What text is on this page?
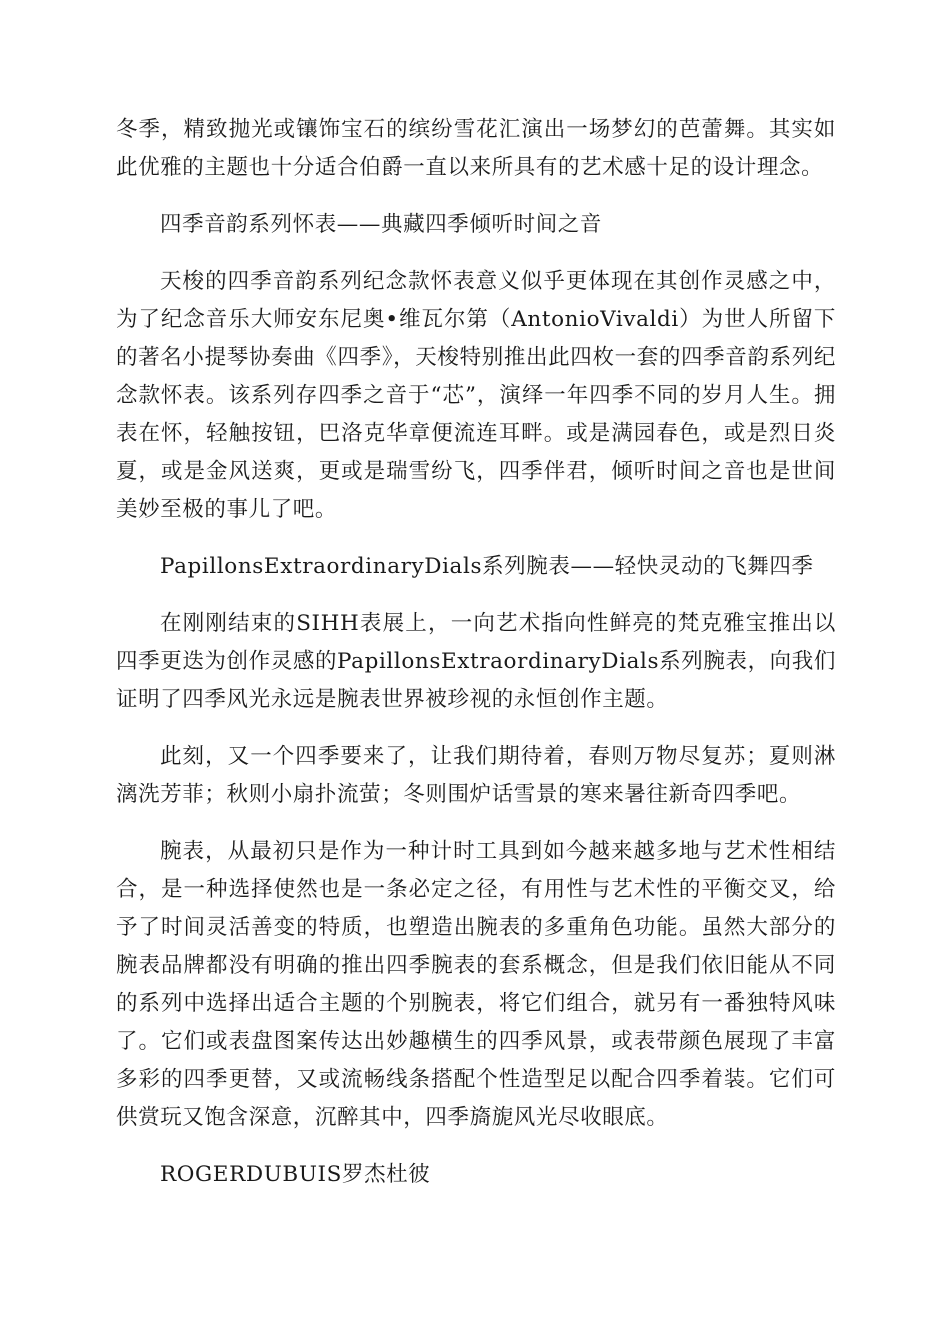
冬季，精致抛光或镶饰宝石的缤纷雪花汇演出一场梦幻的芭蕾舞。其实如此优雅的主题也十分适合伯爵一直以来所具有的艺术感十足的设计理念。

四季音韵系列怀表——典藏四季倾听时间之音

天梭的四季音韵系列纪念款怀表意义似乎更体现在其创作灵感之中，为了纪念音乐大师安东尼奥•维瓦尔第（AntonioVivaldi）为世人所留下的著名小提琴协奏曲《四季》，天梭特别推出此四枚一套的四季音韵系列纪念款怀表。该系列存四季之音于“芯”，演绎一年四季不同的岁月人生。拥表在怀，轻触按钮，巴洛克华章便流连耳畔。或是满园春色，或是烈日炎夏，或是金风送爽，更或是瑞雪纷飞，四季伴君，倾听时间之音也是世间美妙至极的事儿了吧。

PapillonsExtraordinaryDials系列腕表——轻快灵动的飞舞四季

在刚刚结束的SIHH表展上，一向艺术指向性鲜亮的梵克雅宝推出以四季更迭为创作灵感的PapillonsExtraordinaryDials系列腕表，向我们证明了四季风光永远是腕表世界被珍视的永恒创作主题。

此刻，又一个四季要来了，让我们期待着，春则万物尽复苏；夏则淋漓洗芳菲；秋则小扇扑流萤；冬则围炉话雪景的寒来暑往新奇四季吧。

腕表，从最初只是作为一种计时工具到如今越来越多地与艺术性相结合，是一种选择使然也是一条必定之径，有用性与艺术性的平衡交叉，给予了时间灵活善变的特质，也塑造出腕表的多重角色功能。虽然大部分的腕表品牌都没有明确的推出四季腕表的套系概念，但是我们依旧能从不同的系列中选择出适合主题的个别腕表，将它们组合，就另有一番独特风味了。它们或表盘图案传达出妙趣横生的四季风景，或表带颜色展现了丰富多彩的四季更替，又或流畅线条搭配个性造型足以配合四季着装。它们可供赏玩又饱含深意，沉醉其中，四季旖旎风光尽收眼底。

ROGERDUBUIS罗杰杜彼
